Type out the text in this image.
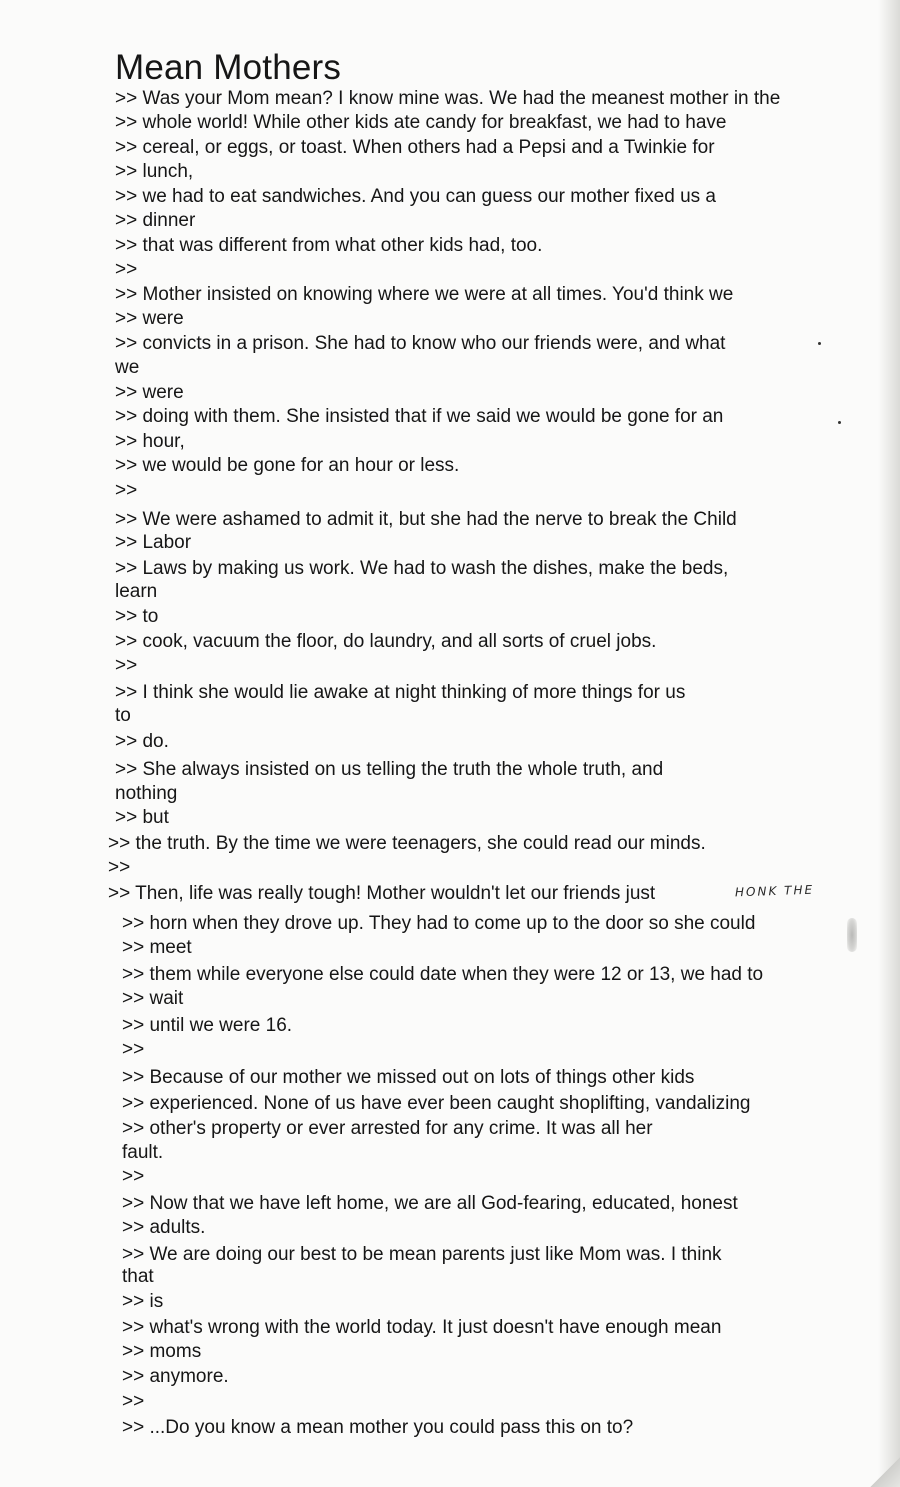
Mean Mothers
>> Was your Mom mean? I know mine was. We had the meanest mother in the
>> whole world! While other kids ate candy for breakfast, we had to have
>> cereal, or eggs, or toast. When others had a Pepsi and a Twinkie for
>> lunch,
>> we had to eat sandwiches. And you can guess our mother fixed us a
>> dinner
>> that was different from what other kids had, too.
>>
>> Mother insisted on knowing where we were at all times. You'd think we
>> were
>> convicts in a prison. She had to know who our friends were, and what
we
>> were
>> doing with them. She insisted that if we said we would be gone for an
>> hour,
>> we would be gone for an hour or less.
>>
>> We were ashamed to admit it, but she had the nerve to break the Child
>> Labor
>> Laws by making us work. We had to wash the dishes, make the beds,
learn
>> to
>> cook, vacuum the floor, do laundry, and all sorts of cruel jobs.
>>
>> I think she would lie awake at night thinking of more things for us
to
>> do.
>> She always insisted on us telling the truth the whole truth, and
nothing
>> but
>> the truth. By the time we were teenagers, she could read our minds.
>>
>> Then, life was really tough! Mother wouldn't let our friends just
>> horn when they drove up. They had to come up to the door so she could
>> meet
>> them while everyone else could date when they were 12 or 13, we had to
>> wait
>> until we were 16.
>>
>> Because of our mother we missed out on lots of things other kids
>> experienced. None of us have ever been caught shoplifting, vandalizing
>> other's property or ever arrested for any crime. It was all her
fault.
>>
>> Now that we have left home, we are all God-fearing, educated, honest
>> adults.
>> We are doing our best to be mean parents just like Mom was. I think
that
>> is
>> what's wrong with the world today. It just doesn't have enough mean
>> moms
>> anymore.
>>
>> ...Do you know a mean mother you could pass this on to?
HONK THE
